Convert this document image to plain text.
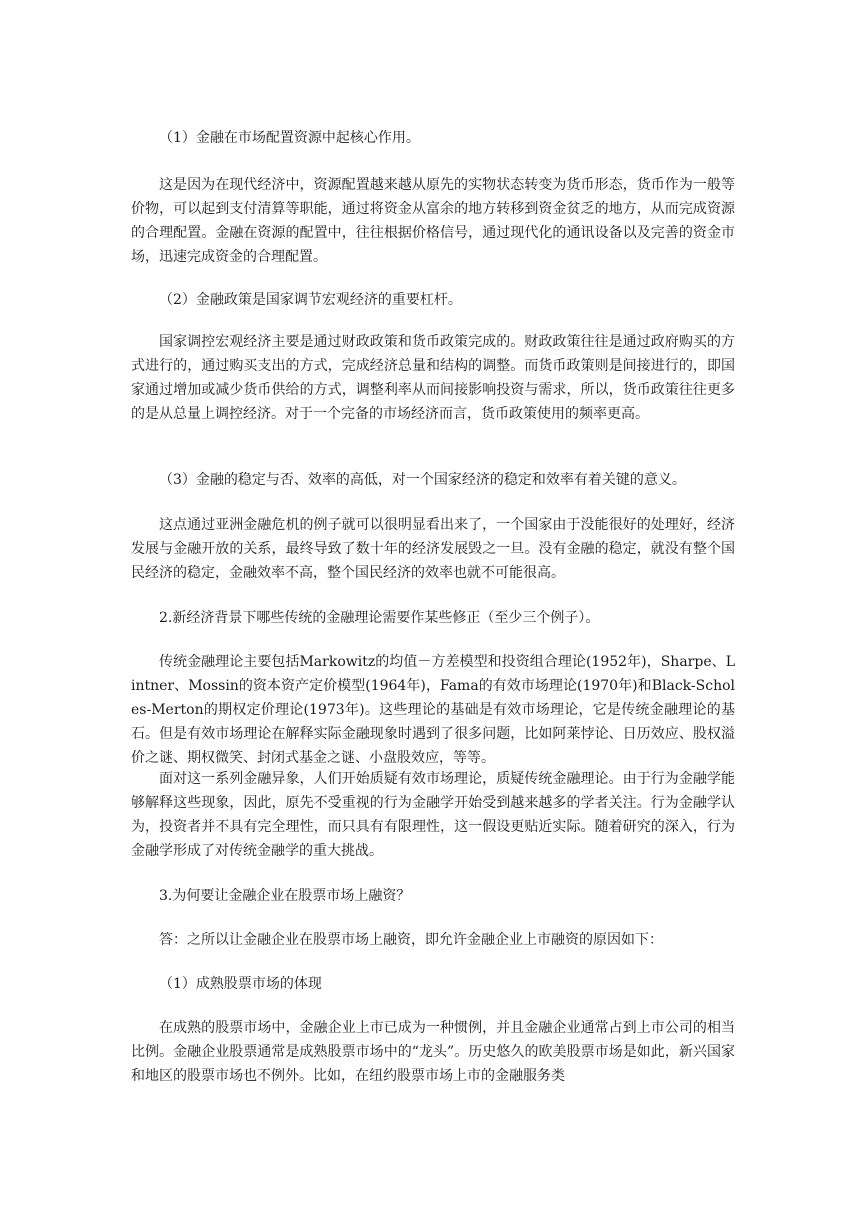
（1）金融在市场配置资源中起核心作用。

这是因为在现代经济中，资源配置越来越从原先的实物状态转变为货币形态，货币作为一般等价物，可以起到支付清算等职能，通过将资金从富余的地方转移到资金贫乏的地方，从而完成资源的合理配置。金融在资源的配置中，往往根据价格信号，通过现代化的通讯设备以及完善的资金市场，迅速完成资金的合理配置。

（2）金融政策是国家调节宏观经济的重要杠杆。

国家调控宏观经济主要是通过财政政策和货币政策完成的。财政政策往往是通过政府购买的方式进行的，通过购买支出的方式，完成经济总量和结构的调整。而货币政策则是间接进行的，即国家通过增加或减少货币供给的方式，调整利率从而间接影响投资与需求，所以，货币政策往往更多的是从总量上调控经济。对于一个完备的市场经济而言，货币政策使用的频率更高。

（3）金融的稳定与否、效率的高低，对一个国家经济的稳定和效率有着关键的意义。

这点通过亚洲金融危机的例子就可以很明显看出来了，一个国家由于没能很好的处理好，经济发展与金融开放的关系，最终导致了数十年的经济发展毁之一旦。没有金融的稳定，就没有整个国民经济的稳定，金融效率不高，整个国民经济的效率也就不可能很高。

2.新经济背景下哪些传统的金融理论需要作某些修正（至少三个例子）。

传统金融理论主要包括Markowitz的均值－方差模型和投资组合理论(1952年)，Sharpe、Lintner、Mossin的资本资产定价模型(1964年)，Fama的有效市场理论(1970年)和Black-Scholes-Merton的期权定价理论(1973年)。这些理论的基础是有效市场理论，它是传统金融理论的基石。但是有效市场理论在解释实际金融现象时遇到了很多问题，比如阿莱悖论、日历效应、股权溢价之谜、期权微笑、封闭式基金之谜、小盘股效应，等等。

面对这一系列金融异象，人们开始质疑有效市场理论，质疑传统金融理论。由于行为金融学能够解释这些现象，因此，原先不受重视的行为金融学开始受到越来越多的学者关注。行为金融学认为，投资者并不具有完全理性，而只具有有限理性，这一假设更贴近实际。随着研究的深入，行为金融学形成了对传统金融学的重大挑战。

3.为何要让金融企业在股票市场上融资？

答：之所以让金融企业在股票市场上融资，即允许金融企业上市融资的原因如下：

（1）成熟股票市场的体现

在成熟的股票市场中，金融企业上市已成为一种惯例，并且金融企业通常占到上市公司的相当比例。金融企业股票通常是成熟股票市场中的“龙头”。历史悠久的欧美股票市场是如此，新兴国家和地区的股票市场也不例外。比如，在纽约股票市场上市的金融服务类
